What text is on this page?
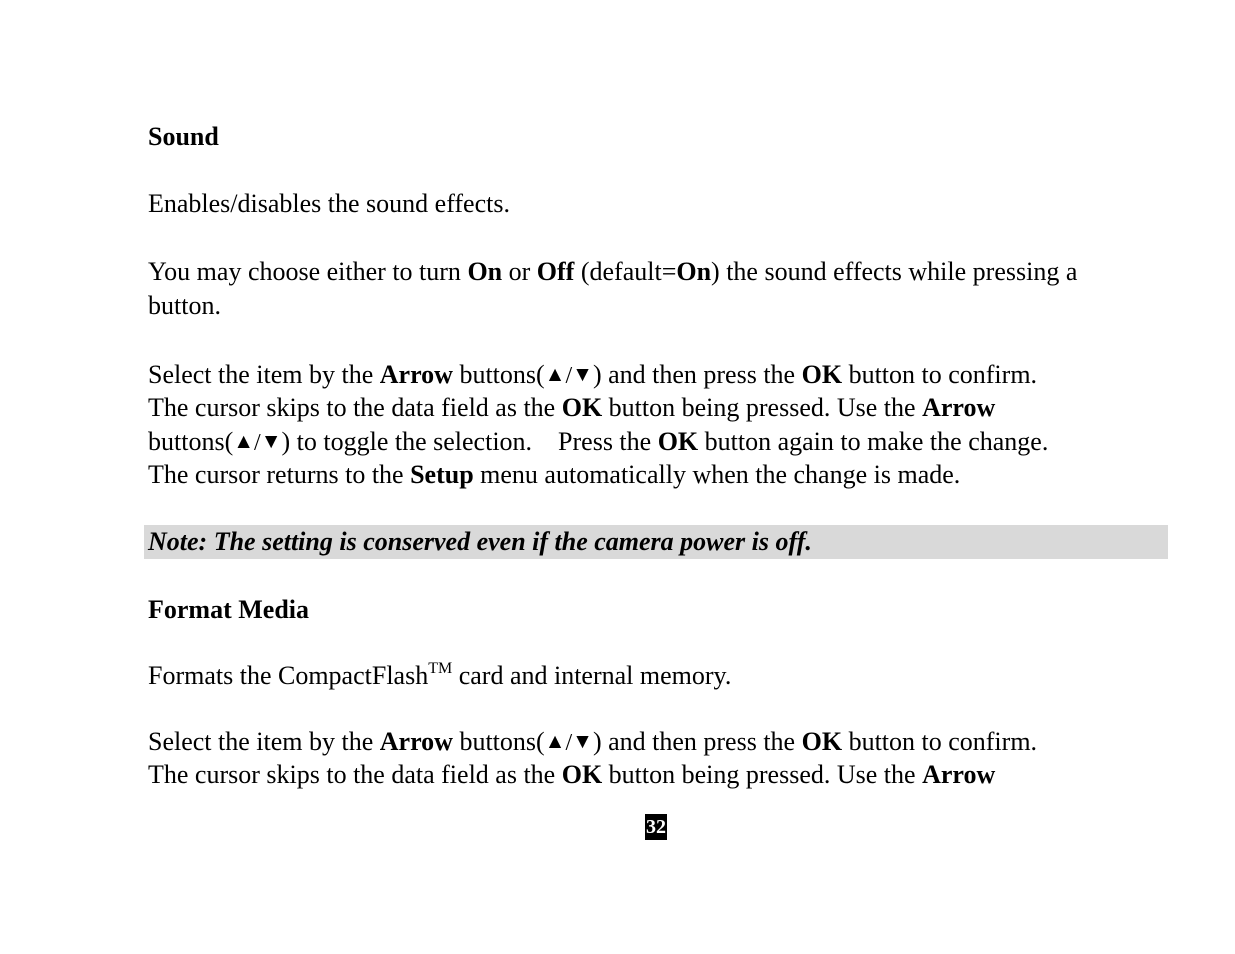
Sound
Enables/disables the sound effects.
You may choose either to turn On or Off (default=On) the sound effects while pressing a
button.
Select the item by the Arrow buttons(▲/▼) and then press the OK button to confirm.
The cursor skips to the data field as the OK button being pressed. Use the Arrow
buttons(▲/▼) to toggle the selection.    Press the OK button again to make the change.
The cursor returns to the Setup menu automatically when the change is made.
Note: The setting is conserved even if the camera power is off.
Format Media
Formats the CompactFlash™ card and internal memory.
Select the item by the Arrow buttons(▲/▼) and then press the OK button to confirm.
The cursor skips to the data field as the OK button being pressed. Use the Arrow
32
